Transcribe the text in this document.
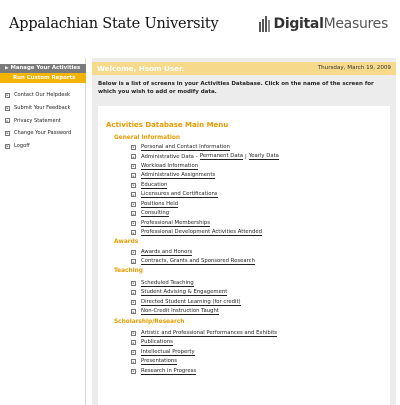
Appalachian State University	DigitalMeasures
▶ Manage Your Activities
Run Custom Reports
▸	Contact Our Helpdesk
▸	Submit Your Feedback
▸	Privacy Statement
▸	Change Your Password
▸	Logoff
Welcome, Hsom User.	Thursday, March 19, 2009
Below is a list of screens in your Activities Database. Click on the name of the screen for which you wish to add or modify data.
Activities Database Main Menu
General Information
▸	Personal and Contact Information
▸	Administrative Data - Permanent Data | Yearly Data
▸	Workload Information
▸	Administrative Assignments
▸	Education
▸	Licensures and Certifications
▸	Positions Held
▸	Consulting
▸	Professional Memberships
▸	Professional Development Activities Attended
Awards
▸	Awards and Honors
▸	Contracts, Grants and Sponsored Research
Teaching
▸	Scheduled Teaching
▸	Student Advising & Engagement
▸	Directed Student Learning (for credit)
▸	Non-Credit Instruction Taught
Scholarship/Research
▸	Artistic and Professional Performances and Exhibits
▸	Publications
▸	Intellectual Property
▸	Presentations
▸	Research in Progress
